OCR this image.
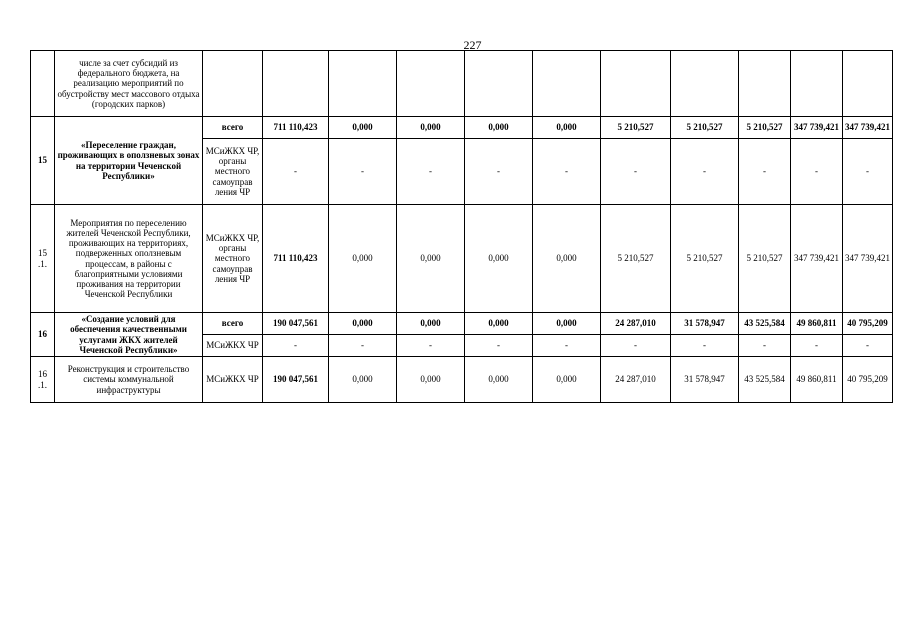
227
	числе за счет субсидий из федерального бюджета, на реализацию мероприятий по обустройству мест массового отдыха (городских парков)											
15	«Переселение граждан, проживающих в оползневых зонах на территории Чеченской Республики»	всего	711 110,423	0,000	0,000	0,000	0,000	5 210,527	5 210,527	5 210,527	347 739,421	347 739,421
		МСиЖКХ ЧР, органы местного самоуправ ления ЧР	-	-	-	-	-	-	-	-	-	-
15 .1.	Мероприятия по переселению жителей Чеченской Республики, проживающих на территориях, подверженных оползневым процессам, в районы с благоприятными условиями проживания на территории Чеченской Республики	МСиЖКХ ЧР, органы местного самоуправ ления ЧР	711 110,423	0,000	0,000	0,000	0,000	5 210,527	5 210,527	5 210,527	347 739,421	347 739,421
16	«Создание условий для обеспечения качественными услугами ЖКХ жителей Чеченской Республики»	всего	190 047,561	0,000	0,000	0,000	0,000	24 287,010	31 578,947	43 525,584	49 860,811	40 795,209
		МСиЖКХ ЧР	-	-	-	-	-	-	-	-	-	-
16 .1.	Реконструкция и строительство системы коммунальной инфраструктуры	МСиЖКХ ЧР	190 047,561	0,000	0,000	0,000	0,000	24 287,010	31 578,947	43 525,584	49 860,811	40 795,209
